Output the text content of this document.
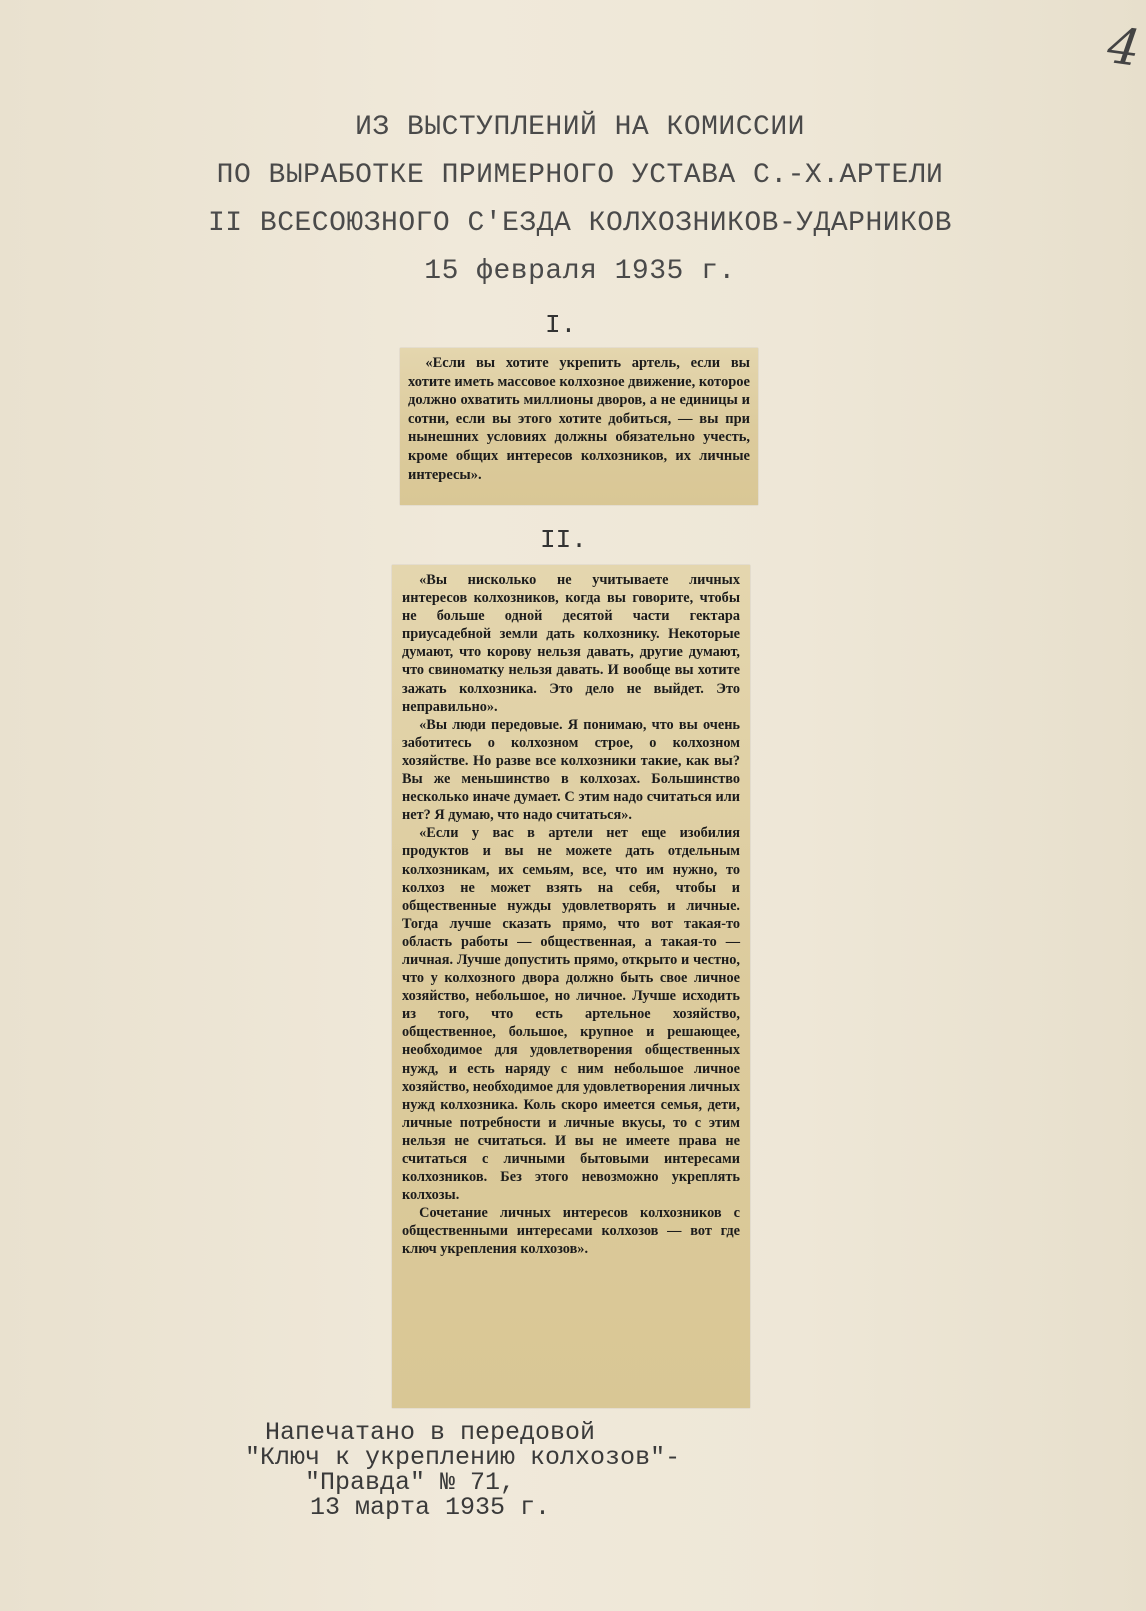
4
ИЗ ВЫСТУПЛЕНИЙ НА КОМИССИИ
ПО ВЫРАБОТКЕ ПРИМЕРНОГО УСТАВА С.-Х.АРТЕЛИ
II ВСЕСОЮЗНОГО С'ЕЗДА КОЛХОЗНИКОВ-УДАРНИКОВ
15 февраля 1935 г.
I.

«Если вы хотите укрепить артель, если вы хотите иметь массовое колхозное движение, которое должно охватить миллионы дворов, а не единицы и сотни, если вы этого хотите добиться, — вы при нынешних условиях должны обязательно учесть, кроме общих интересов колхозников, их личные интересы».

II.

«Вы нисколько не учитываете личных интересов колхозников, когда вы говорите, чтобы не больше одной десятой части гектара приусадебной земли дать колхознику. Некоторые думают, что корову нельзя давать, другие думают, что свиноматку нельзя давать. И вообще вы хотите зажать колхозника. Это дело не выйдет. Это неправильно».

«Вы люди передовые. Я понимаю, что вы очень заботитесь о колхозном строе, о колхозном хозяйстве. Но разве все колхозники такие, как вы? Вы же меньшинство в колхозах. Большинство несколько иначе думает. С этим надо считаться или нет? Я думаю, что надо считаться».

«Если у вас в артели нет еще изобилия продуктов и вы не можете дать отдельным колхозникам, их семьям, все, что им нужно, то колхоз не может взять на себя, чтобы и общественные нужды удовлетворять и личные. Тогда лучше сказать прямо, что вот такая-то область работы — общественная, а такая-то — личная. Лучше допустить прямо, открыто и честно, что у колхозного двора должно быть свое личное хозяйство, небольшое, но личное. Лучше исходить из того, что есть артельное хозяйство, общественное, большое, крупное и решающее, необходимое для удовлетворения общественных нужд, и есть наряду с ним небольшое личное хозяйство, необходимое для удовлетворения личных нужд колхозника. Коль скоро имеется семья, дети, личные потребности и личные вкусы, то с этим нельзя не считаться. И вы не имеете права не считаться с личными бытовыми интересами колхозников. Без этого невозможно укреплять колхозы.

Сочетание личных интересов колхозников с общественными интересами колхозов — вот где ключ укрепления колхозов».

Напечатано в передовой
"Ключ к укреплению колхозов"-
"Правда" № 71,
13 марта 1935 г.
